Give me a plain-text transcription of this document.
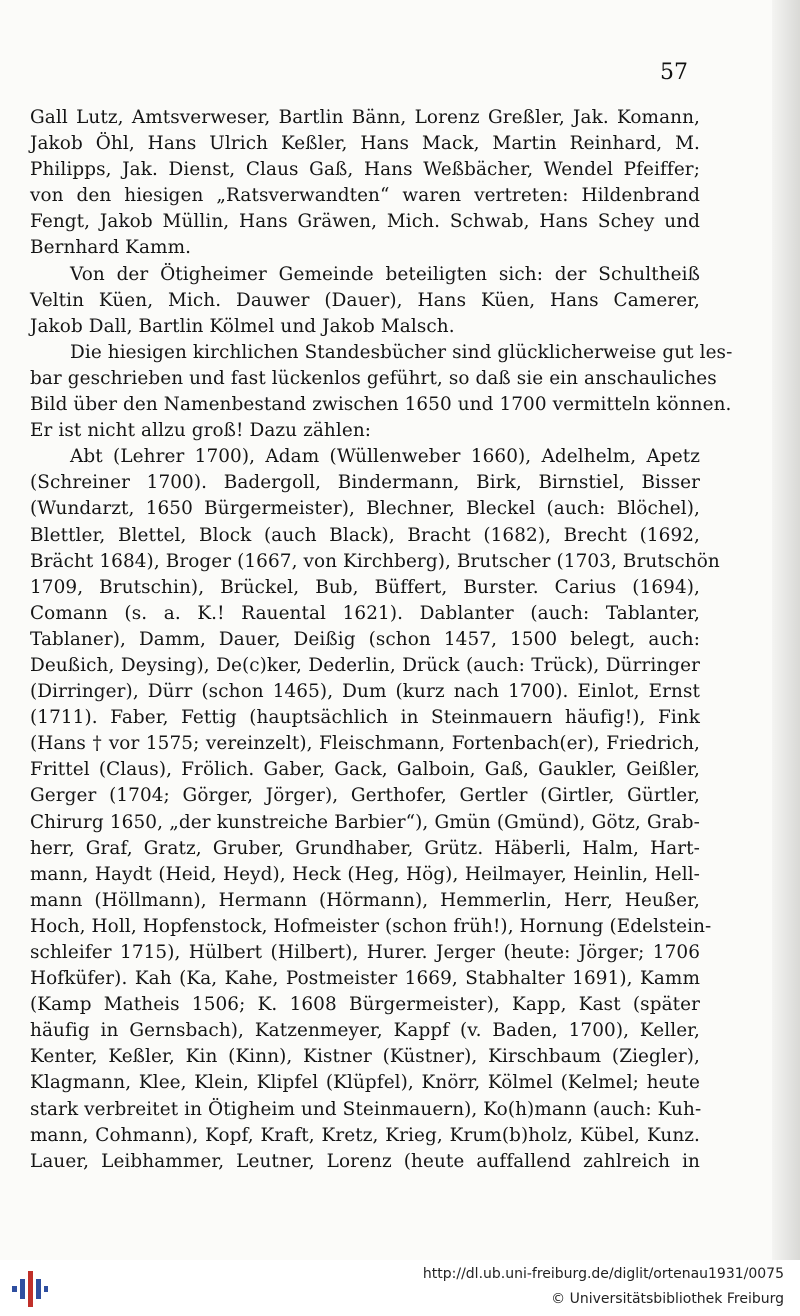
57
Gall Lutz, Amtsverweser, Bartlin Bänn, Lorenz Greßler, Jak. Komann,
Jakob Öhl, Hans Ulrich Keßler, Hans Mack, Martin Reinhard, M.
Philipps, Jak. Dienst, Claus Gaß, Hans Weßbächer, Wendel Pfeiffer;
von den hiesigen „Ratsverwandten“ waren vertreten: Hildenbrand
Fengt, Jakob Müllin, Hans Gräwen, Mich. Schwab, Hans Schey und
Bernhard Kamm.
Von der Ötigheimer Gemeinde beteiligten sich: der Schultheiß
Veltin Küen, Mich. Dauwer (Dauer), Hans Küen, Hans Camerer,
Jakob Dall, Bartlin Kölmel und Jakob Malsch.
Die hiesigen kirchlichen Standesbücher sind glücklicherweise gut les-
bar geschrieben und fast lückenlos geführt, so daß sie ein anschauliches
Bild über den Namenbestand zwischen 1650 und 1700 vermitteln können.
Er ist nicht allzu groß! Dazu zählen:
Abt (Lehrer 1700), Adam (Wüllenweber 1660), Adelhelm, Apetz
(Schreiner 1700). Badergoll, Bindermann, Birk, Birnstiel, Bisser
(Wundarzt, 1650 Bürgermeister), Blechner, Bleckel (auch: Blöchel),
Blettler, Blettel, Block (auch Black), Bracht (1682), Brecht (1692,
Brächt 1684), Broger (1667, von Kirchberg), Brutscher (1703, Brutschön
1709, Brutschin), Brückel, Bub, Büffert, Burster. Carius (1694),
Comann (s. a. K.! Rauental 1621). Dablanter (auch: Tablanter,
Tablaner), Damm, Dauer, Deißig (schon 1457, 1500 belegt, auch:
Deußich, Deysing), De(c)ker, Dederlin, Drück (auch: Trück), Dürringer
(Dirringer), Dürr (schon 1465), Dum (kurz nach 1700). Einlot, Ernst
(1711). Faber, Fettig (hauptsächlich in Steinmauern häufig!), Fink
(Hans † vor 1575; vereinzelt), Fleischmann, Fortenbach(er), Friedrich,
Frittel (Claus), Frölich. Gaber, Gack, Galboin, Gaß, Gaukler, Geißler,
Gerger (1704; Görger, Jörger), Gerthofer, Gertler (Girtler, Gürtler,
Chirurg 1650, „der kunstreiche Barbier“), Gmün (Gmünd), Götz, Grab-
herr, Graf, Gratz, Gruber, Grundhaber, Grütz. Häberli, Halm, Hart-
mann, Haydt (Heid, Heyd), Heck (Heg, Hög), Heilmayer, Heinlin, Hell-
mann (Höllmann), Hermann (Hörmann), Hemmerlin, Herr, Heußer,
Hoch, Holl, Hopfenstock, Hofmeister (schon früh!), Hornung (Edelstein-
schleifer 1715), Hülbert (Hilbert), Hurer. Jerger (heute: Jörger; 1706
Hofküfer). Kah (Ka, Kahe, Postmeister 1669, Stabhalter 1691), Kamm
(Kamp Matheis 1506; K. 1608 Bürgermeister), Kapp, Kast (später
häufig in Gernsbach), Katzenmeyer, Kappf (v. Baden, 1700), Keller,
Kenter, Keßler, Kin (Kinn), Kistner (Küstner), Kirschbaum (Ziegler),
Klagmann, Klee, Klein, Klipfel (Klüpfel), Knörr, Kölmel (Kelmel; heute
stark verbreitet in Ötigheim und Steinmauern), Ko(h)mann (auch: Kuh-
mann, Cohmann), Kopf, Kraft, Kretz, Krieg, Krum(b)holz, Kübel, Kunz.
Lauer, Leibhammer, Leutner, Lorenz (heute auffallend zahlreich in
http://dl.ub.uni-freiburg.de/diglit/ortenau1931/0075
© Universitätsbibliothek Freiburg
